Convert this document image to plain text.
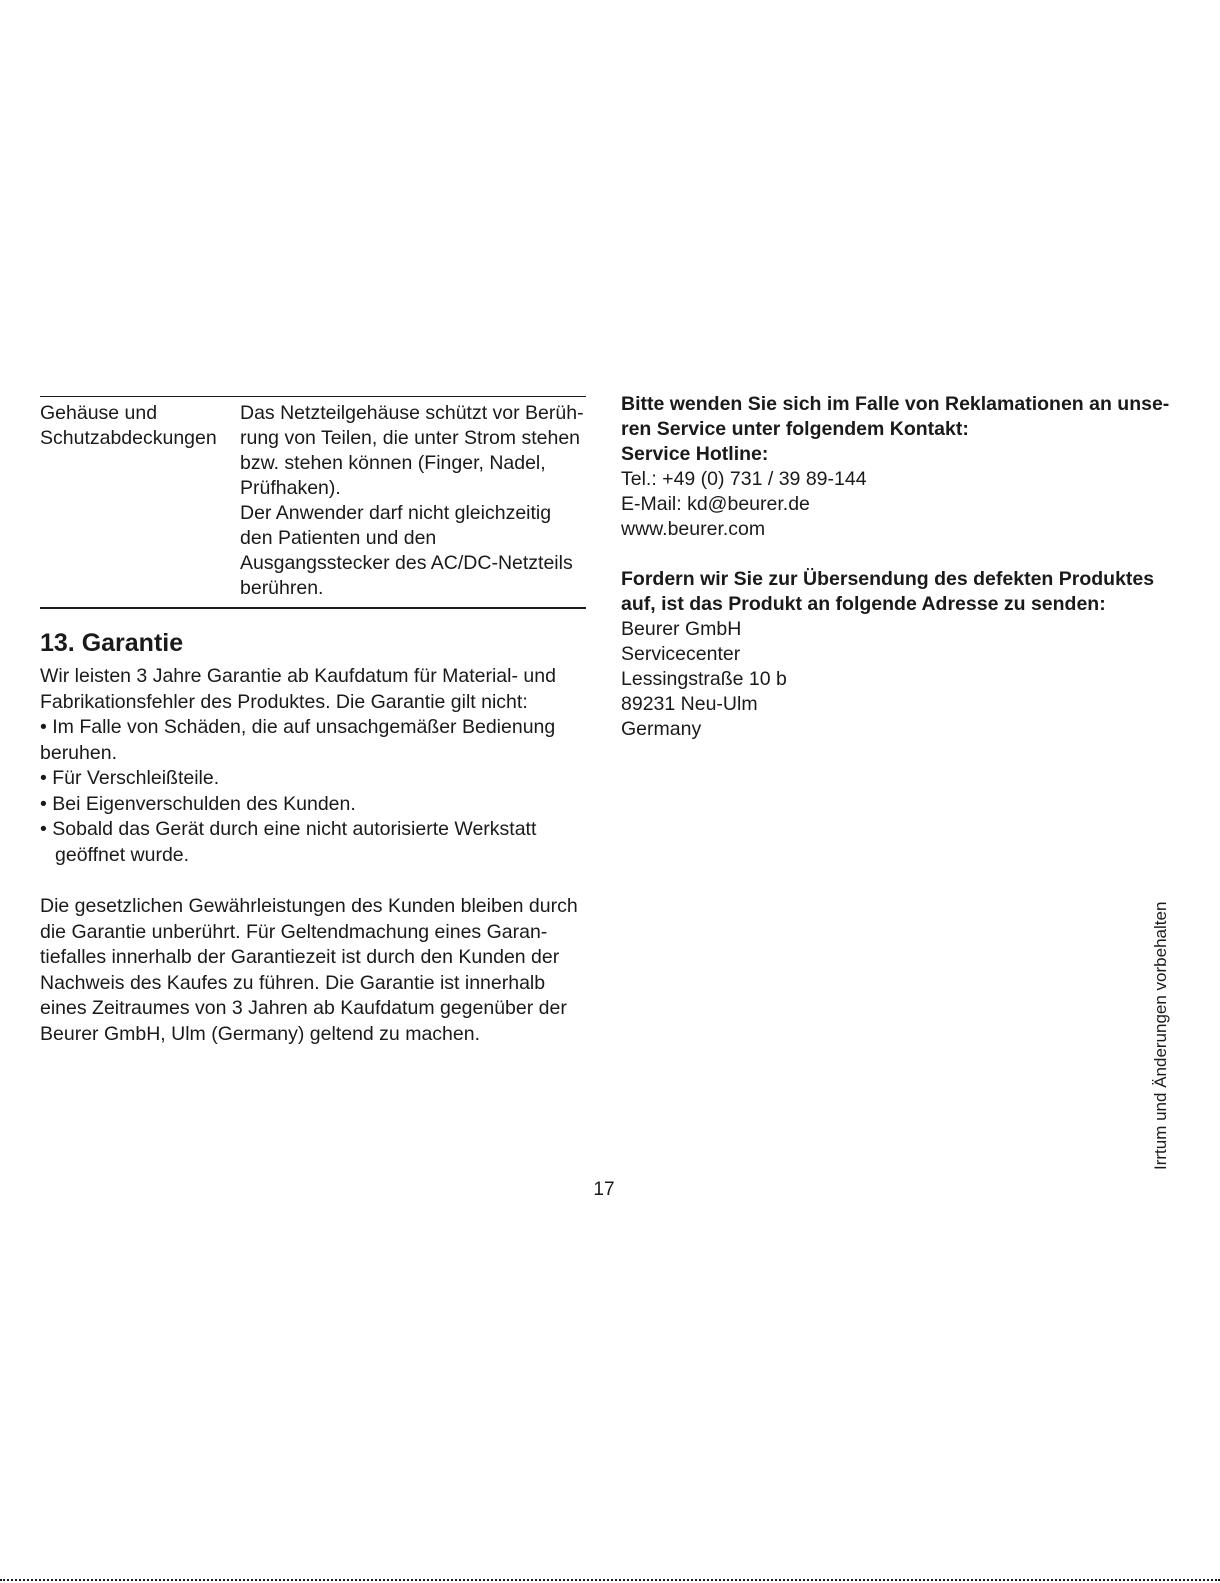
Gehäuse und
Schutzabdeckungen

Das Netzteilgehäuse schützt vor Berüh-rung von Teilen, die unter Strom stehen bzw. stehen können (Finger, Nadel, Prüfhaken).

Der Anwender darf nicht gleichzeitig den Patienten und den Ausgangsstecker des AC/DC-Netzteils berühren.

13. Garantie

Wir leisten 3 Jahre Garantie ab Kaufdatum für Material- und Fabrikationsfehler des Produktes. Die Garantie gilt nicht:

• Im Falle von Schäden, die auf unsachgemäßer Bedienung beruhen.
• Für Verschleißteile.
• Bei Eigenverschulden des Kunden.
• Sobald das Gerät durch eine nicht autorisierte Werkstatt geöffnet wurde.

Die gesetzlichen Gewährleistungen des Kunden bleiben durch die Garantie unberührt. Für Geltendmachung eines Garan-tiefalles innerhalb der Garantiezeit ist durch den Kunden der Nachweis des Kaufes zu führen. Die Garantie ist innerhalb eines Zeitraumes von 3 Jahren ab Kaufdatum gegenüber der Beurer GmbH, Ulm (Germany) geltend zu machen.

Bitte wenden Sie sich im Falle von Reklamationen an unse-
ren Service unter folgendem Kontakt:
Service Hotline:
Tel.: +49 (0) 731 / 39 89-144
E-Mail: kd@beurer.de
www.beurer.com
Fordern wir Sie zur Übersendung des defekten Produktes
auf, ist das Produkt an folgende Adresse zu senden:
Beurer GmbH
Servicecenter
Lessingstraße 10 b
89231 Neu-Ulm
Germany
Irrtum und Änderungen vorbehalten
17
